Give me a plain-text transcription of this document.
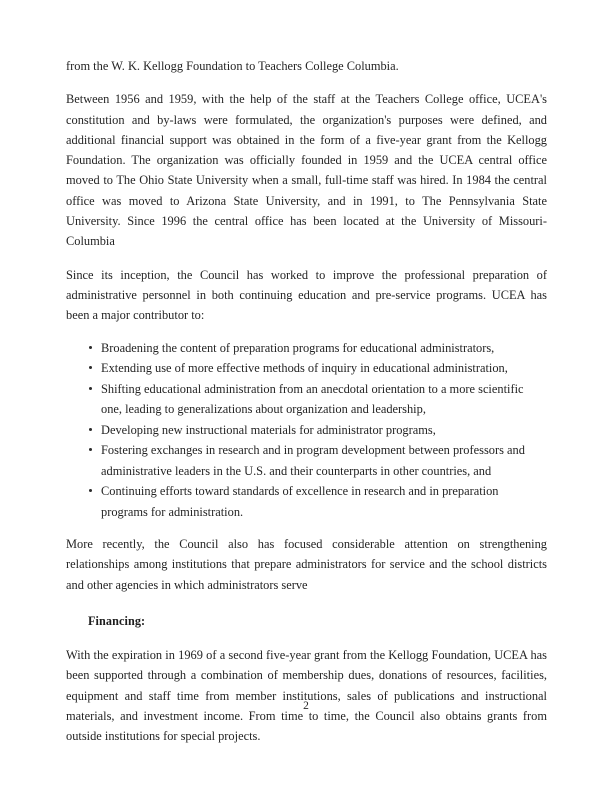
from the W. K. Kellogg Foundation to Teachers College Columbia.

Between 1956 and 1959, with the help of the staff at the Teachers College office, UCEA's constitution and by-laws were formulated, the organization's purposes were defined, and additional financial support was obtained in the form of a five-year grant from the Kellogg Foundation. The organization was officially founded in 1959 and the UCEA central office moved to The Ohio State University when a small, full-time staff was hired. In 1984 the central office was moved to Arizona State University, and in 1991, to The Pennsylvania State University. Since 1996 the central office has been located at the University of Missouri-Columbia

Since its inception, the Council has worked to improve the professional preparation of administrative personnel in both continuing education and pre-service programs. UCEA has been a major contributor to:

Broadening the content of preparation programs for educational administrators,
Extending use of more effective methods of inquiry in educational administration,
Shifting educational administration from an anecdotal orientation to a more scientific one, leading to generalizations about organization and leadership,
Developing new instructional materials for administrator programs,
Fostering exchanges in research and in program development between professors and administrative leaders in the U.S. and their counterparts in other countries, and
Continuing efforts toward standards of excellence in research and in preparation programs for administration.

More recently, the Council also has focused considerable attention on strengthening relationships among institutions that prepare administrators for service and the school districts and other agencies in which administrators serve

Financing:

With the expiration in 1969 of a second five-year grant from the Kellogg Foundation, UCEA has been supported through a combination of membership dues, donations of resources, facilities, equipment and staff time from member institutions, sales of publications and instructional materials, and investment income. From time to time, the Council also obtains grants from outside institutions for special projects.

2
